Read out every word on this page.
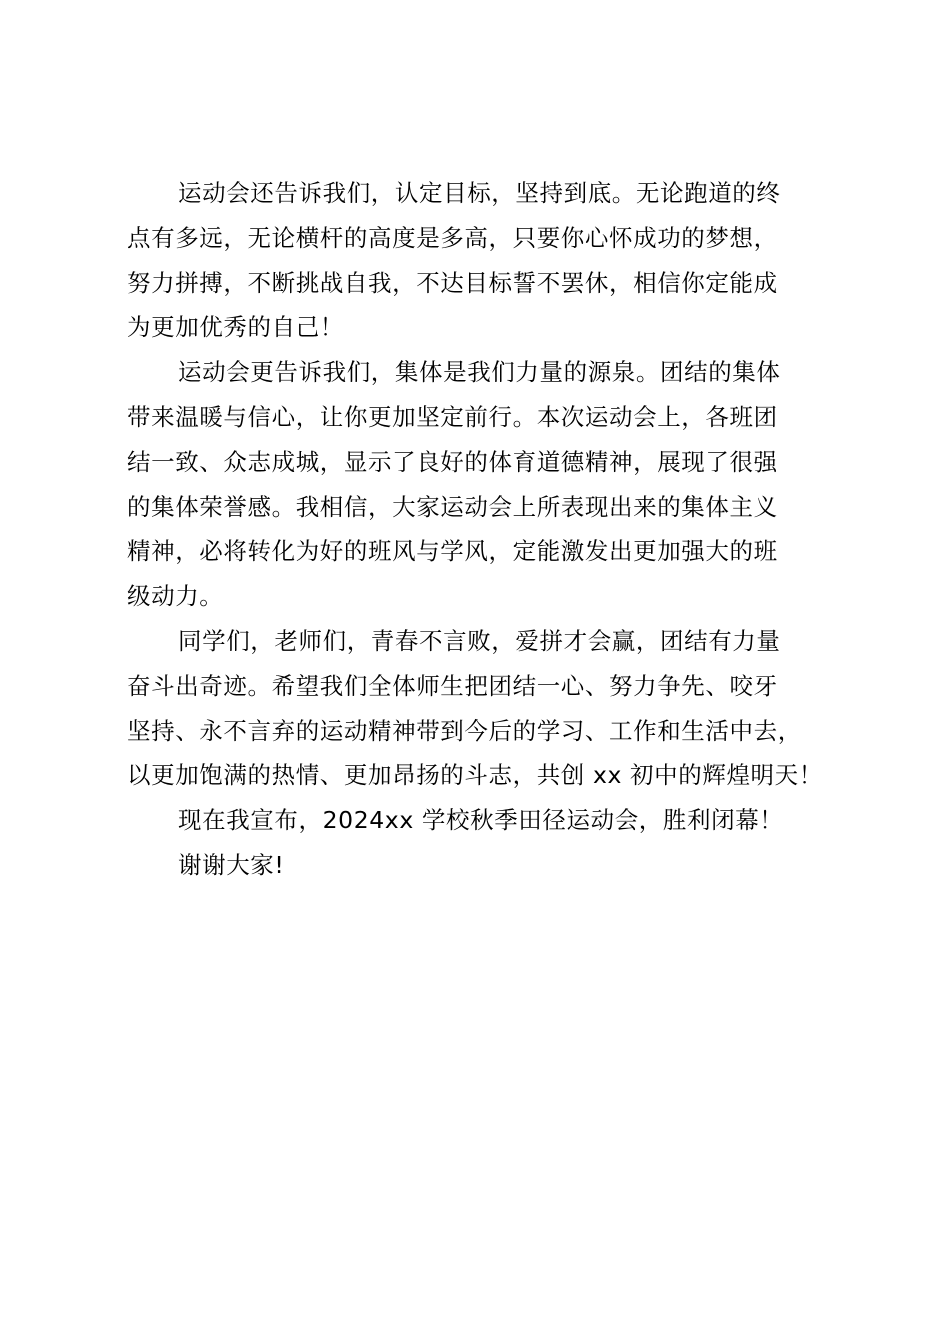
运动会还告诉我们，认定目标，坚持到底。无论跑道的终
点有多远，无论横杆的高度是多高，只要你心怀成功的梦想，
努力拼搏，不断挑战自我，不达目标誓不罢休，相信你定能成
为更加优秀的自己！

运动会更告诉我们，集体是我们力量的源泉。团结的集体
带来温暖与信心，让你更加坚定前行。本次运动会上，各班团
结一致、众志成城，显示了良好的体育道德精神，展现了很强
的集体荣誉感。我相信，大家运动会上所表现出来的集体主义
精神，必将转化为好的班风与学风，定能激发出更加强大的班
级动力。

同学们，老师们，青春不言败，爱拼才会赢，团结有力量
奋斗出奇迹。希望我们全体师生把团结一心、努力争先、咬牙
坚持、永不言弃的运动精神带到今后的学习、工作和生活中去，
以更加饱满的热情、更加昂扬的斗志，共创 xx 初中的辉煌明天！

现在我宣布，2024xx 学校秋季田径运动会，胜利闭幕！

谢谢大家!
